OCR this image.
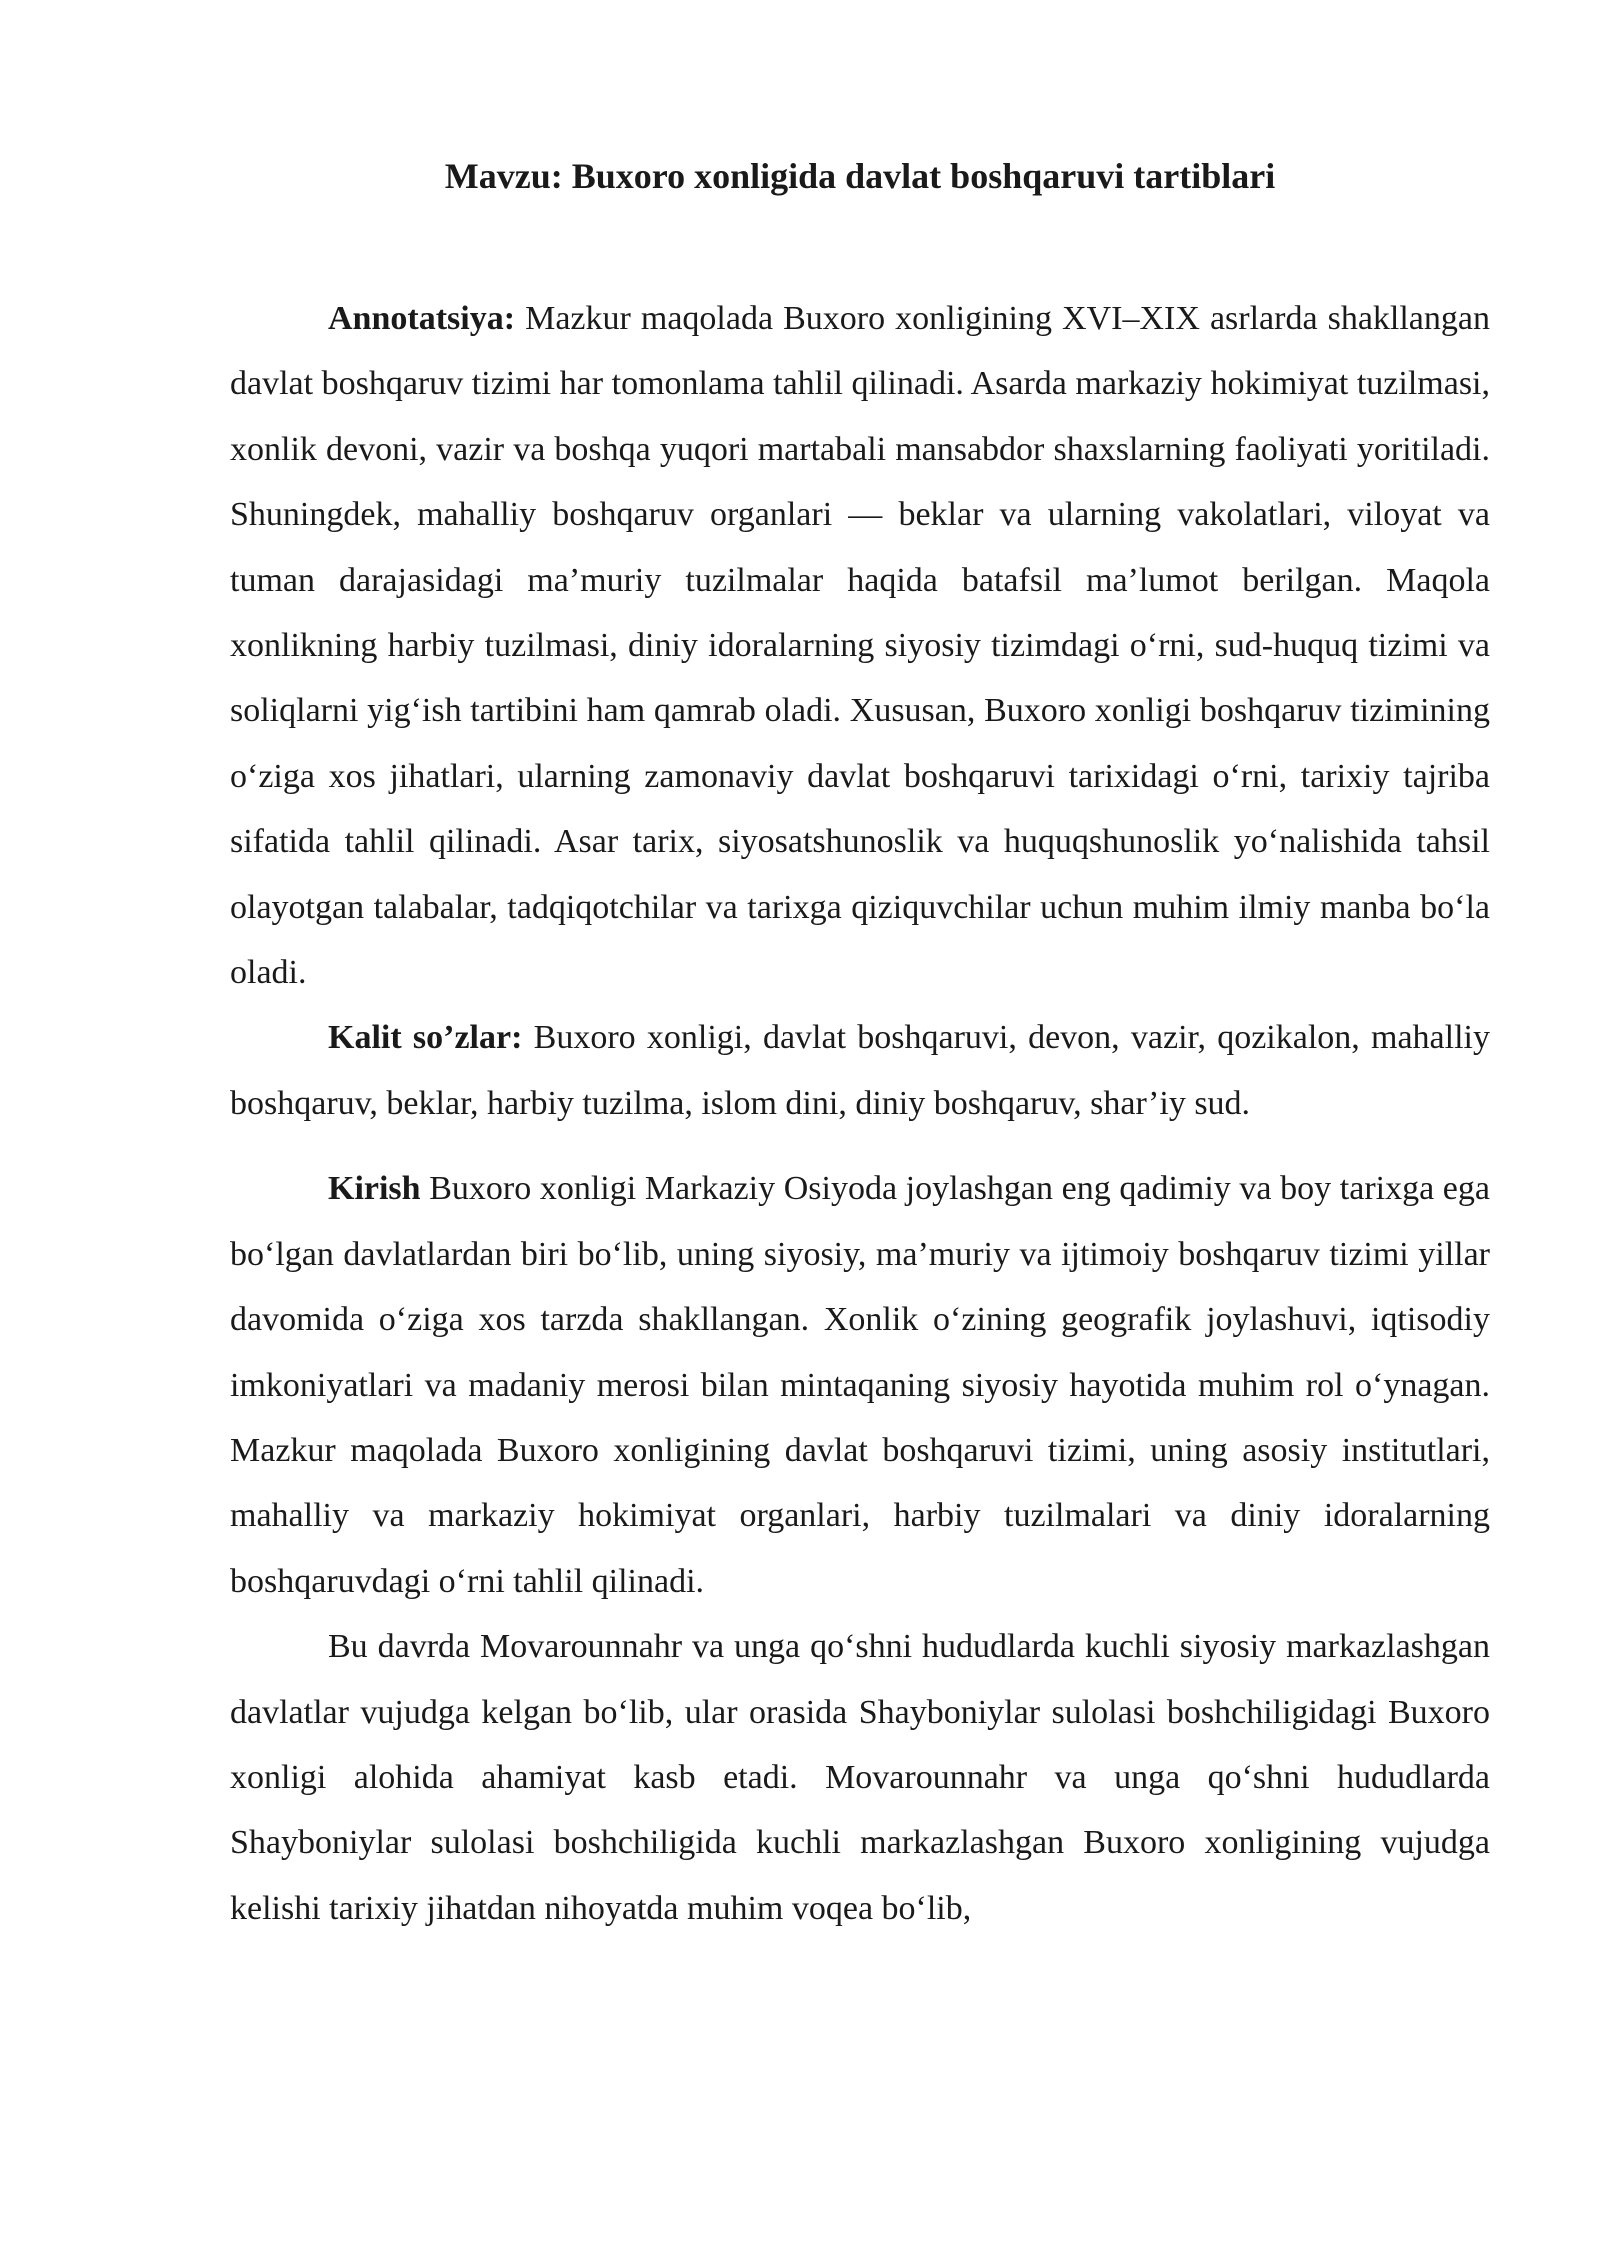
Mavzu: Buxoro xonligida davlat boshqaruvi tartiblari

Annotatsiya: Mazkur maqolada Buxoro xonligining XVI–XIX asrlarda shakllangan davlat boshqaruv tizimi har tomonlama tahlil qilinadi. Asarda markaziy hokimiyat tuzilmasi, xonlik devoni, vazir va boshqa yuqori martabali mansabdor shaxslarning faoliyati yoritiladi. Shuningdek, mahalliy boshqaruv organlari — beklar va ularning vakolatlari, viloyat va tuman darajasidagi ma’muriy tuzilmalar haqida batafsil ma’lumot berilgan. Maqola xonlikning harbiy tuzilmasi, diniy idoralarning siyosiy tizimdagi o‘rni, sud-huquq tizimi va soliqlarni yig‘ish tartibini ham qamrab oladi. Xususan, Buxoro xonligi boshqaruv tizimining o‘ziga xos jihatlari, ularning zamonaviy davlat boshqaruvi tarixidagi o‘rni, tarixiy tajriba sifatida tahlil qilinadi. Asar tarix, siyosatshunoslik va huquqshunoslik yo‘nalishida tahsil olayotgan talabalar, tadqiqotchilar va tarixga qiziquvchilar uchun muhim ilmiy manba bo‘la oladi.

Kalit so’zlar: Buxoro xonligi, davlat boshqaruvi, devon, vazir, qozikalon, mahalliy boshqaruv, beklar, harbiy tuzilma, islom dini, diniy boshqaruv, shar’iy sud.

Kirish Buxoro xonligi Markaziy Osiyoda joylashgan eng qadimiy va boy tarixga ega bo‘lgan davlatlardan biri bo‘lib, uning siyosiy, ma’muriy va ijtimoiy boshqaruv tizimi yillar davomida o‘ziga xos tarzda shakllangan. Xonlik o‘zining geografik joylashuvi, iqtisodiy imkoniyatlari va madaniy merosi bilan mintaqaning siyosiy hayotida muhim rol o‘ynagan. Mazkur maqolada Buxoro xonligining davlat boshqaruvi tizimi, uning asosiy institutlari, mahalliy va markaziy hokimiyat organlari, harbiy tuzilmalari va diniy idoralarning boshqaruvdagi o‘rni tahlil qilinadi.

Bu davrda Movarounnahr va unga qo‘shni hududlarda kuchli siyosiy markazlashgan davlatlar vujudga kelgan bo‘lib, ular orasida Shayboniylar sulolasi boshchiligidagi Buxoro xonligi alohida ahamiyat kasb etadi. Movarounnahr va unga qo‘shni hududlarda Shayboniylar sulolasi boshchiligida kuchli markazlashgan Buxoro xonligining vujudga kelishi tarixiy jihatdan nihoyatda muhim voqea bo‘lib,
